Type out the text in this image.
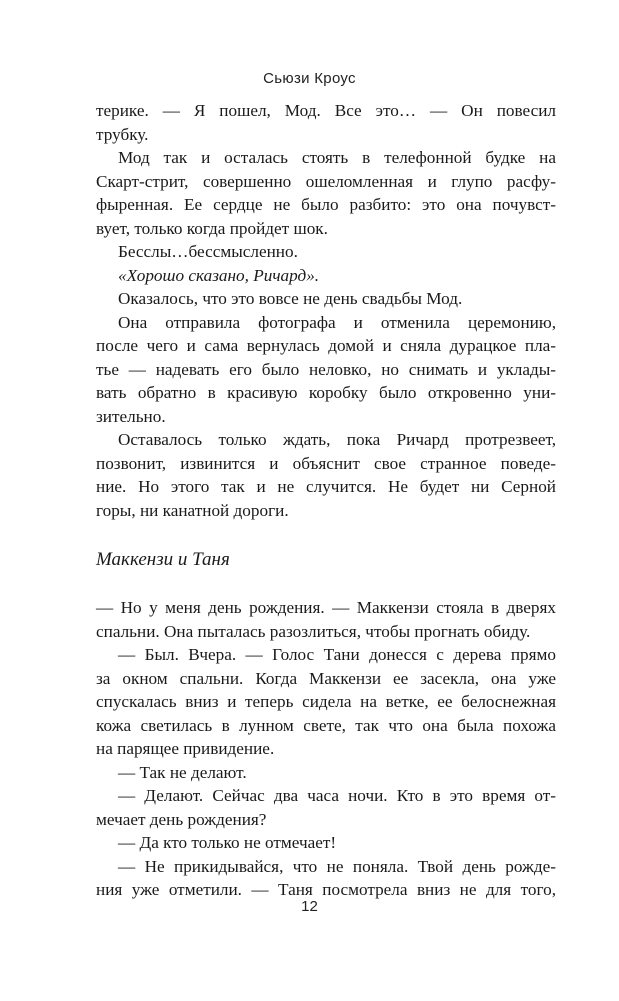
Сьюзи Кроус
терике. — Я пошел, Мод. Все это… — Он повесил
трубку.
Мод так и осталась стоять в телефонной будке на
Скарт-стрит, совершенно ошеломленная и глупо расфу-
фыренная. Ее сердце не было разбито: это она почувст-
вует, только когда пройдет шок.
Бесслы…бессмысленно.
«Хорошо сказано, Ричард».
Оказалось, что это вовсе не день свадьбы Мод.
Она отправила фотографа и отменила церемонию,
после чего и сама вернулась домой и сняла дурацкое пла-
тье — надевать его было неловко, но снимать и уклады-
вать обратно в красивую коробку было откровенно уни-
зительно.
Оставалось только ждать, пока Ричард протрезвеет,
позвонит, извинится и объяснит свое странное поведе-
ние. Но этого так и не случится. Не будет ни Серной
горы, ни канатной дороги.
Маккензи и Таня
— Но у меня день рождения. — Маккензи стояла в дверях
спальни. Она пыталась разозлиться, чтобы прогнать обиду.
— Был. Вчера. — Голос Тани донесся с дерева прямо
за окном спальни. Когда Маккензи ее засекла, она уже
спускалась вниз и теперь сидела на ветке, ее белоснежная
кожа светилась в лунном свете, так что она была похожа
на парящее привидение.
— Так не делают.
— Делают. Сейчас два часа ночи. Кто в это время от-
мечает день рождения?
— Да кто только не отмечает!
— Не прикидывайся, что не поняла. Твой день рожде-
ния уже отметили. — Таня посмотрела вниз не для того,
12
